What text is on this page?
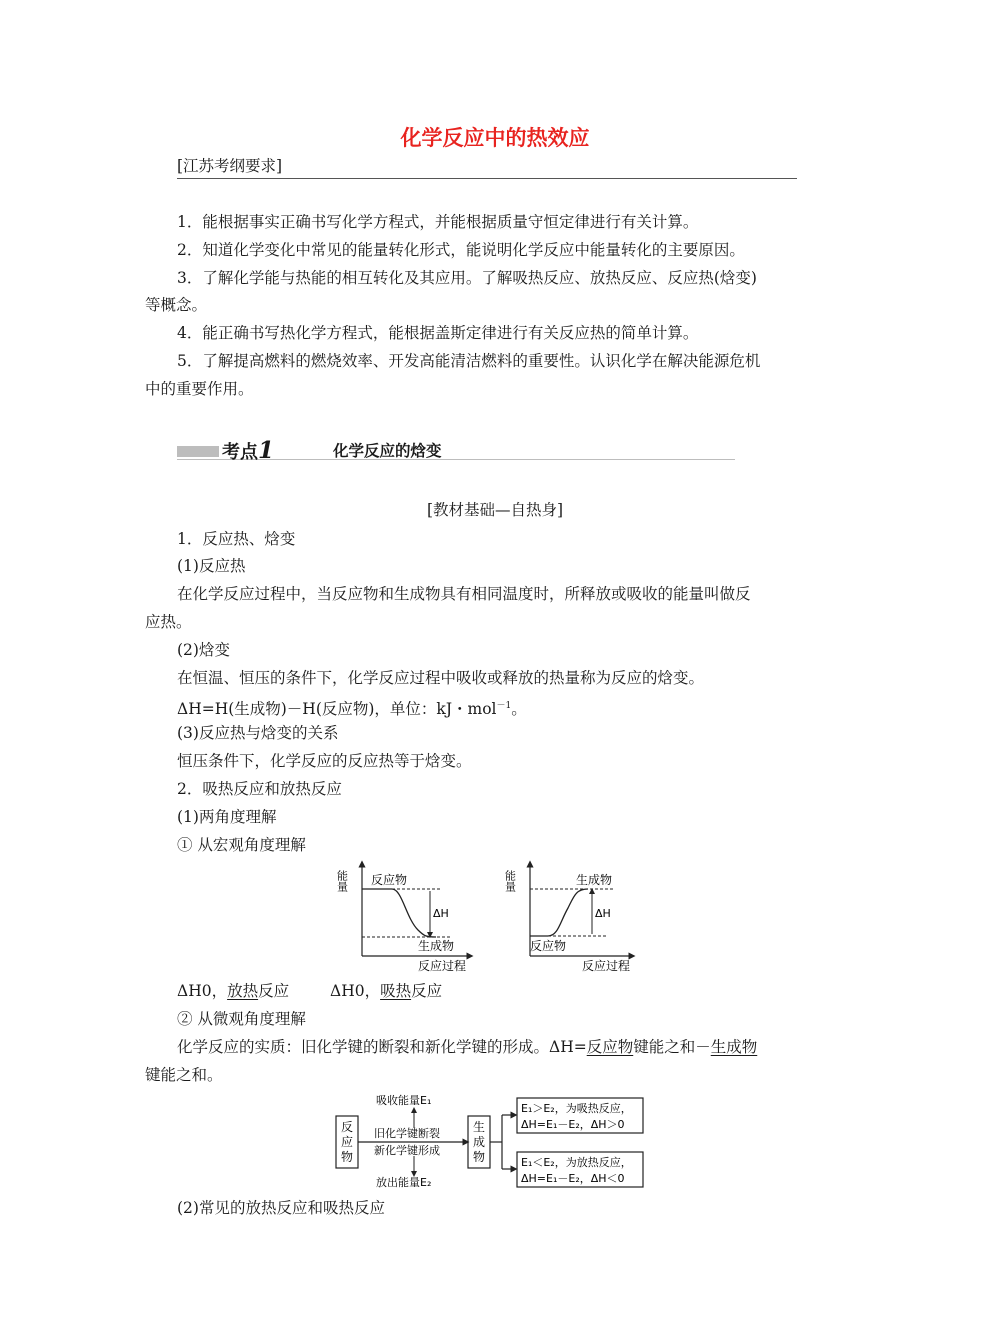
化学反应中的热效应
[江苏考纲要求]
1．能根据事实正确书写化学方程式，并能根据质量守恒定律进行有关计算。
2．知道化学变化中常见的能量转化形式，能说明化学反应中能量转化的主要原因。
3．了解化学能与热能的相互转化及其应用。了解吸热反应、放热反应、反应热(焓变)
等概念。
4．能正确书写热化学方程式，能根据盖斯定律进行有关反应热的简单计算。
5．了解提高燃料的燃烧效率、开发高能清洁燃料的重要性。认识化学在解决能源危机
中的重要作用。
考点1	化学反应的焓变
[教材基础—自热身]
1．反应热、焓变
(1)反应热
在化学反应过程中，当反应物和生成物具有相同温度时，所释放或吸收的能量叫做反
应热。
(2)焓变
在恒温、恒压的条件下，化学反应过程中吸收或释放的热量称为反应的焓变。
ΔH=H(生成物)－H(反应物)，单位：kJ・mol$^{-1}$。
(3)反应热与焓变的关系
恒压条件下，化学反应的反应热等于焓变。
2．吸热反应和放热反应
(1)两角度理解
① 从宏观角度理解
能量 反应物
生成物
ΔH
反应过程
能量	生成物
反应物
ΔH
反应过程
ΔH0，放热反应	ΔH0，吸热反应
② 从微观角度理解
化学反应的实质：旧化学键的断裂和新化学键的形成。ΔH=反应物键能之和－生成物
键能之和。
反
应
物
吸收能量E₁
旧化学键断裂
新化学键形成
放出能量E₂
生
成
物
E₁＞E₂，为吸热反应，
ΔH=E₁－E₂，ΔH＞0
E₁＜E₂，为放热反应，
ΔH=E₁－E₂，ΔH＜0
(2)常见的放热反应和吸热反应
